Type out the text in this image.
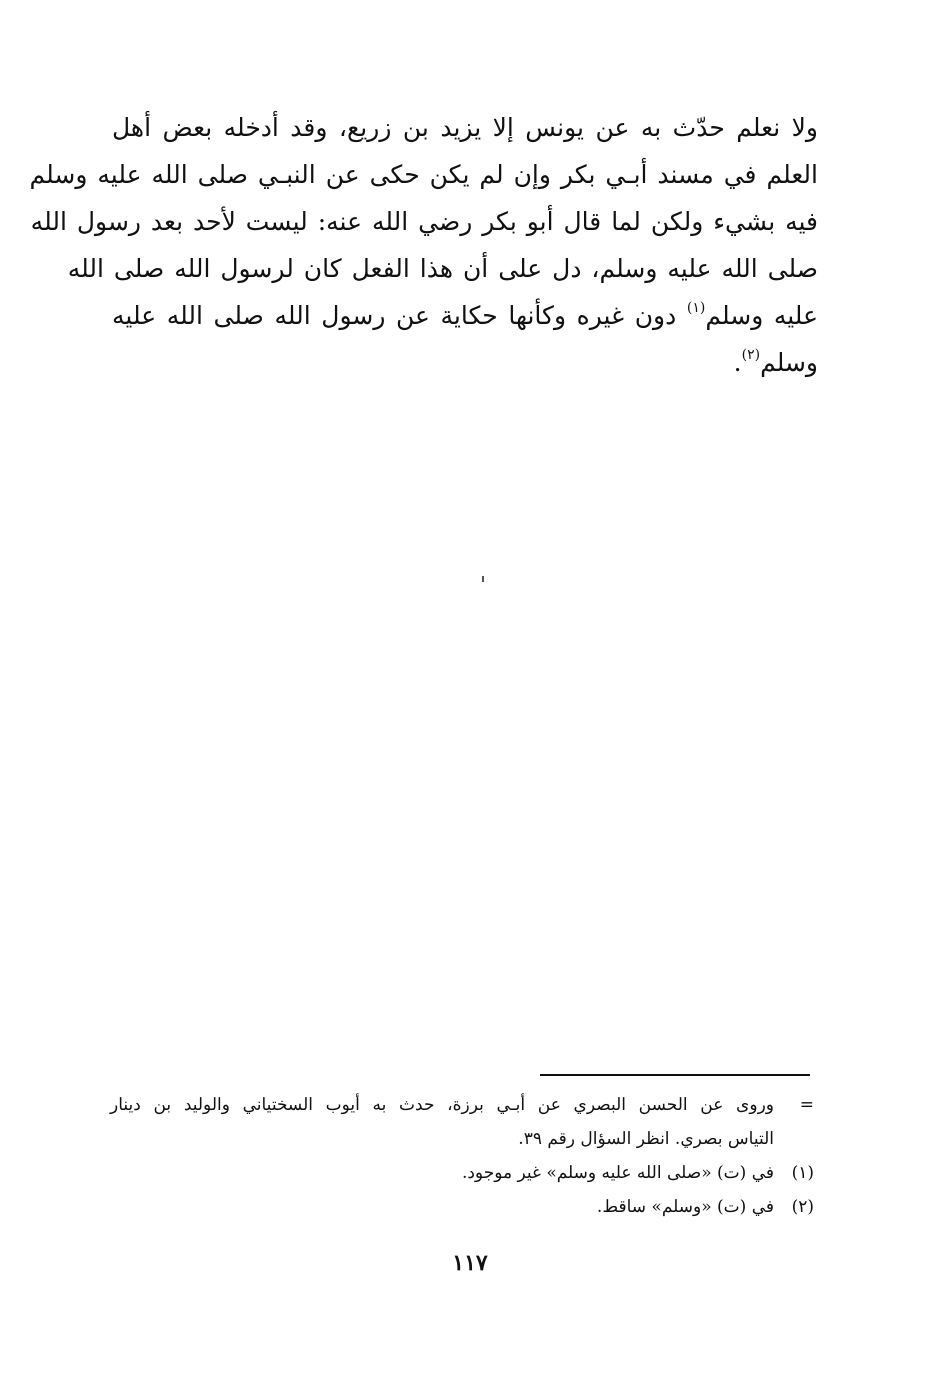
ولا نعلم حدّث به عن يونس إلا يزيد بن زريع، وقد أدخله بعض أهل
العلم في مسند أبـي بكر وإن لم يكن حكى عن النبـي صلى الله عليه وسلم
فيه بشيء ولكن لما قال أبو بكر رضي الله عنه: ليست لأحد بعد رسول الله
صلى الله عليه وسلم، دل على أن هذا الفعل كان لرسول الله صلى الله
عليه وسلم$^{(١)}$ دون غيره وكأنها حكاية عن رسول الله صلى الله عليه
وسلم$^{(٢)}$.
=
وروى عن الحسن البصري عن أبـي برزة، حدث به أيوب السختياني والوليد بن دينار
التياس بصري. انظر السؤال رقم ٣٩.
(١)
في (ت) «صلى الله عليه وسلم» غير موجود.
(٢)
في (ت) «وسلم» ساقط.
١١٧
